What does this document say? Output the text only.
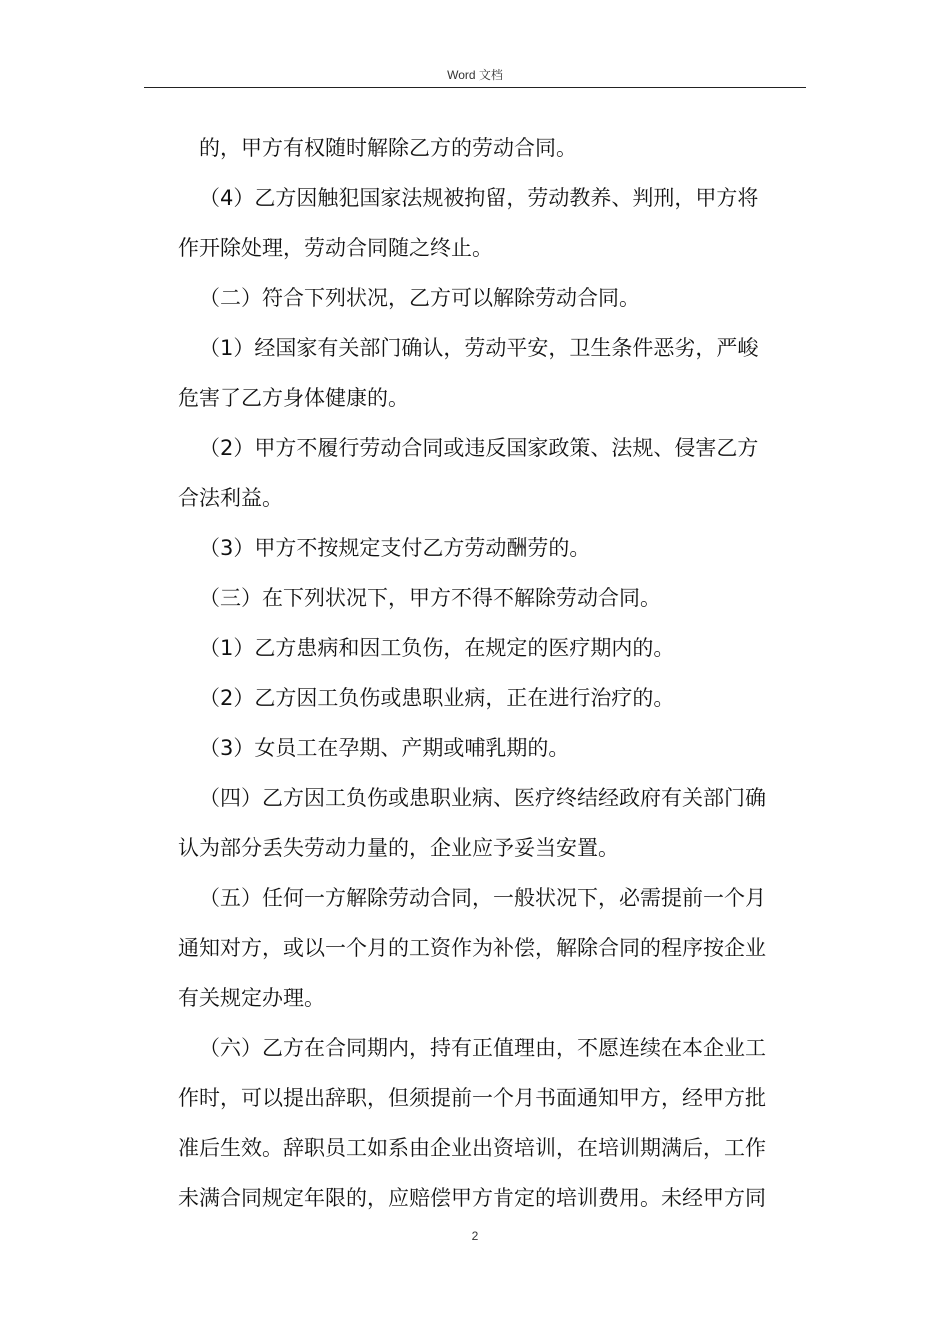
Word 文档
的，甲方有权随时解除乙方的劳动合同。
（4）乙方因触犯国家法规被拘留，劳动教养、判刑，甲方将
作开除处理，劳动合同随之终止。
（二）符合下列状况，乙方可以解除劳动合同。
（1）经国家有关部门确认，劳动平安，卫生条件恶劣，严峻
危害了乙方身体健康的。
（2）甲方不履行劳动合同或违反国家政策、法规、侵害乙方
合法利益。
（3）甲方不按规定支付乙方劳动酬劳的。
（三）在下列状况下，甲方不得不解除劳动合同。
（1）乙方患病和因工负伤，在规定的医疗期内的。
（2）乙方因工负伤或患职业病，正在进行治疗的。
（3）女员工在孕期、产期或哺乳期的。
（四）乙方因工负伤或患职业病、医疗终结经政府有关部门确
认为部分丢失劳动力量的，企业应予妥当安置。
（五）任何一方解除劳动合同，一般状况下，必需提前一个月
通知对方，或以一个月的工资作为补偿，解除合同的程序按企业
有关规定办理。
（六）乙方在合同期内，持有正值理由，不愿连续在本企业工
作时，可以提出辞职，但须提前一个月书面通知甲方，经甲方批
准后生效。辞职员工如系由企业出资培训，在培训期满后，工作
未满合同规定年限的，应赔偿甲方肯定的培训费用。未经甲方同
2
